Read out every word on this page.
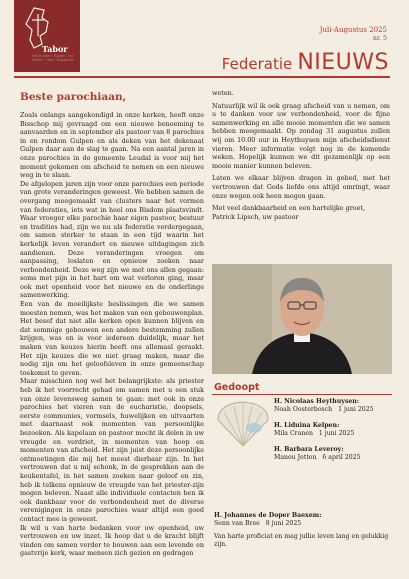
Tabor
Heythuysen · Roggel · Ool · Haelen · Horn · Buggenum
Juli-Augustus 2025
nr. 5
Federatie NIEUWS
Beste parochiaan,

Zoals onlangs aangekondigd in onze kerken, heeft onze Bisschop mij gevraagd om een nieuwe benoeming te aanvaarden en in september als pastoor van 8 parochies in en rondom Gulpen en als deken van het dekenaat Gulpen daar aan de slag te gaan. Na een aantal jaren in onze parochies in de gemeente Leudal is voor mij het moment gekomen om afscheid te nemen en een nieuwe weg in te slaan.

De afgelopen jaren zijn voor onze parochies een periode van grote veranderingen geweest. We hebben samen de overgang meegemaakt van clusters naar het vormen van federaties, iets wat in heel ons Bisdom plaatsvindt. Waar vroeger elke parochie haar eigen pastoor, bestuur en tradities had, zijn we nu als federatie verdergegaan, om samen sterker te staan in een tijd waarin het kerkelijk leven verandert en nieuwe uitdagingen zich aandienen. Deze veranderingen vroegen om aanpassing, loslaten en opnieuw zoeken naar verbondenheid. Deze weg zijn we met ons allen gegaan: soms met pijn in het hart om wat verloren ging, maar ook met openheid voor het nieuwe en de onderlinge samenwerking.

Een van de moeilijkste beslissingen die we samen moesten nemen, was het maken van een gebouwenplan. Het besef dat niet alle kerken open kunnen blijven en dat sommige gebouwen een andere bestemming zullen krijgen, was en is voor iedereen duidelijk, maar het maken van keuzes hierin heeft ons allemaal geraakt. Het zijn keuzes die we niet graag maken, maar die nodig zijn om het geloofsleven in onze gemeenschap toekomst te geven.

Maar misschien nog wel het belangrijkste: als priester heb ik het voorrecht gehad om samen met u een stuk van onze levensweg samen te gaan: met ook in onze parochies het vieren van de eucharistie, doopsels, eerste communies, vormsels, huwelijken en uitvaarten met daarnaast ook momenten van persoonlijke bezoeken. Als kapelaan en pastoor mocht ik delen in uw vreugde en verdriet, in momenten van hoop en momenten van afscheid. Het zijn juist deze persoonlijke ontmoetingen die mij het meest dierbaar zijn. In het vertrouwen dat u mij schonk, in de gesprekken aan de keukentafel, in het samen zoeken naar geloof en zin, heb ik telkens opnieuw de vreugde van het priester-zijn mogen beleven. Naast alle individuele contacten ben ik ook dankbaar voor de verbondenheid met de diverse verenigingen in onze parochies waar altijd een goed contact mee is geweest.

Ik wil u van harte bedanken voor uw openheid, uw vertrouwen en uw inzet. Ik hoop dat u de kracht blijft vinden om samen verder te bouwen aan een levende en gastvrije kerk, waar mensen zich gezien en gedragen

weten.

Natuurlijk wil ik ook graag afscheid van u nemen, om u te danken voor uw verbondenheid, voor de fijne samenwerking en alle mooie momenten die we samen hebben meegemaakt. Op zondag 31 augustus zullen wij om 10.00 uur in Heythuysen mijn afscheidsdienst vieren. Meer informatie volgt nog in de komende weken. Hopelijk kunnen we dit gezamenlijk op een mooie manier kunnen beleven.

Laten we elkaar blijven dragen in gebed, met het vertrouwen dat Gods liefde ons altijd omringt, waar onze wegen ook heen mogen gaan.

Met veel dankbaarheid en een hartelijke groet,

Patrick Lipsch, uw pastoor

Gedoopt
H. Nicolaas Heythuysen:
Noah Oosterbosch 1 juni 2025
H. Liduina Kelpen:
Mila Cranen 1 juni 2025
H. Barbara Leveroy:
Manou Jetten 6 april 2025
H. Johannes de Doper Baexem:
Senn van Bree 8 juni 2025
Van harte proficiat en mag jullie leven lang en gelukkig zijn.
